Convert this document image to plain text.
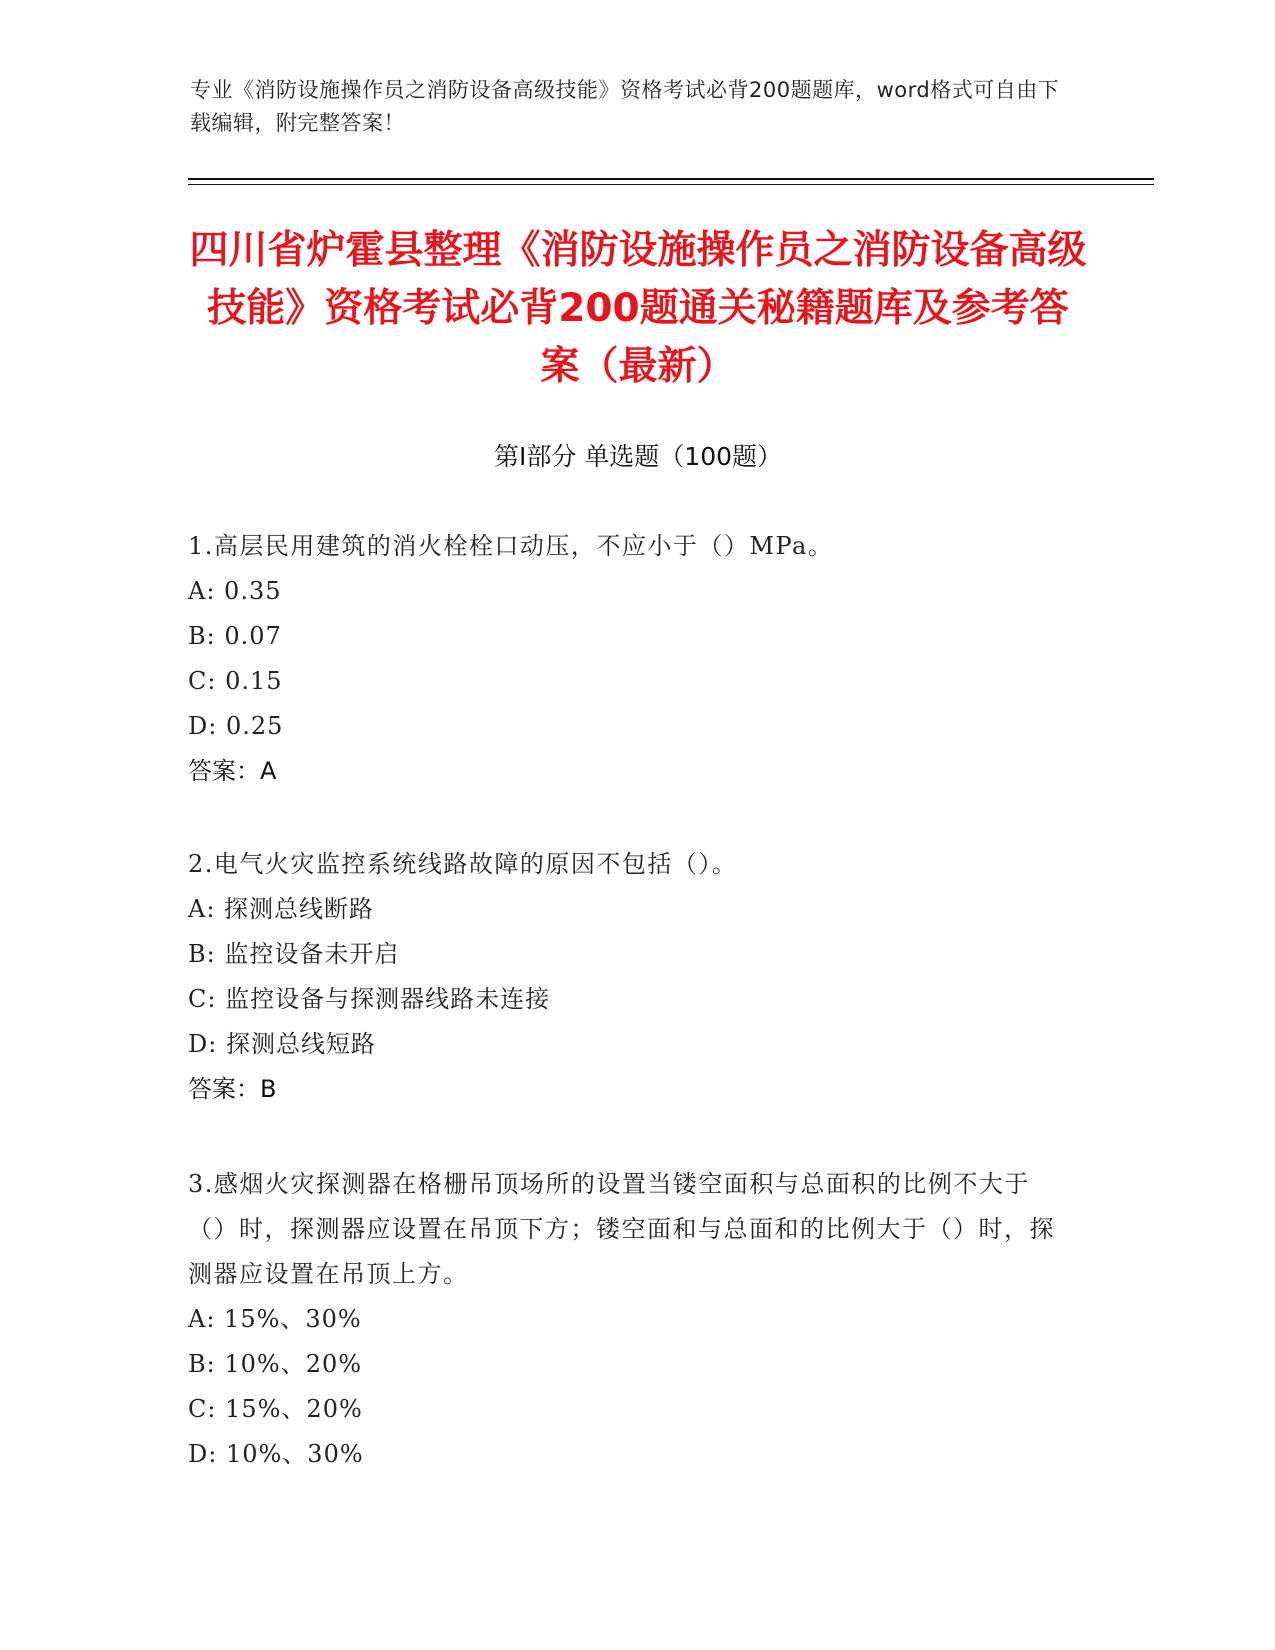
专业《消防设施操作员之消防设备高级技能》资格考试必背200题题库，word格式可自由下载编辑，附完整答案！
四川省炉霍县整理《消防设施操作员之消防设备高级技能》资格考试必背200题通关秘籍题库及参考答案（最新）
第Ⅰ部分 单选题（100题）
1.高层民用建筑的消火栓栓口动压，不应小于（）MPa。
A: 0.35
B: 0.07
C: 0.15
D: 0.25
答案：A
2.电气火灾监控系统线路故障的原因不包括（）。
A: 探测总线断路
B: 监控设备未开启
C: 监控设备与探测器线路未连接
D: 探测总线短路
答案：B
3.感烟火灾探测器在格栅吊顶场所的设置当镂空面积与总面积的比例不大于（）时，探测器应设置在吊顶下方；镂空面和与总面和的比例大于（）时，探测器应设置在吊顶上方。
A: 15%、30%
B: 10%、20%
C: 15%、20%
D: 10%、30%
